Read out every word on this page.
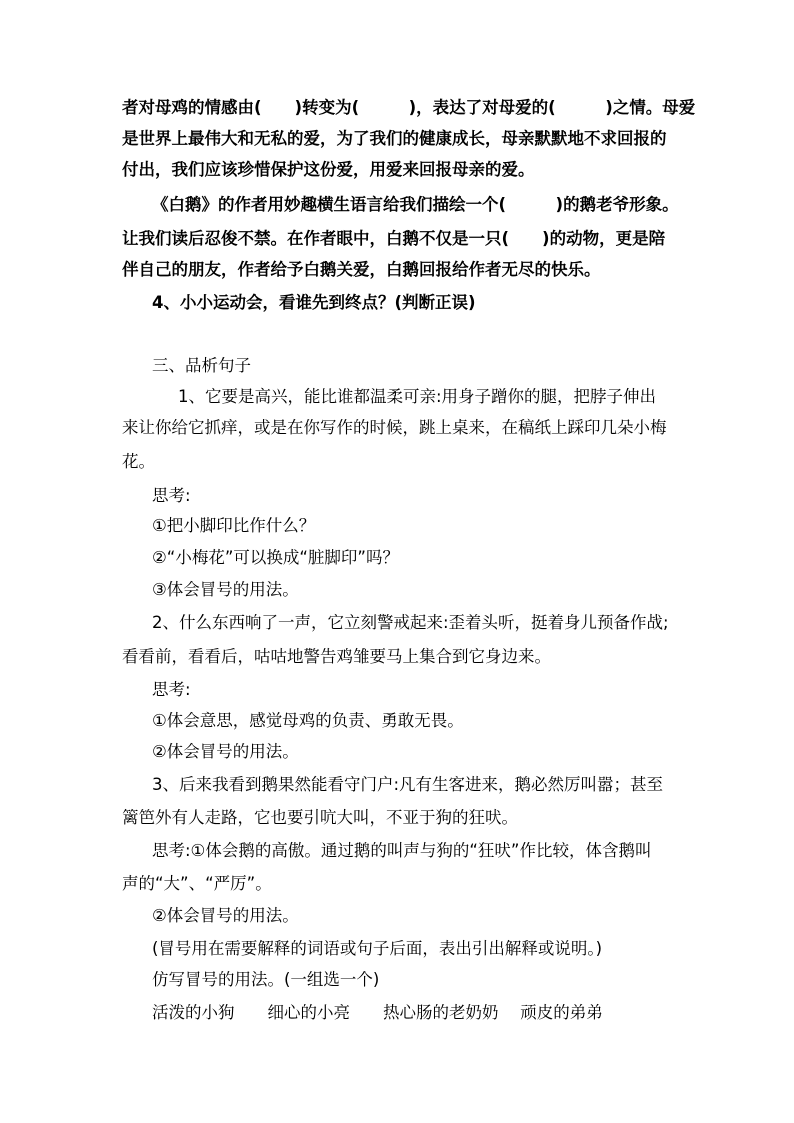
者对母鸡的情感由(　　)转变为(　　　)，表达了对母爱的(　　　)之情。母爱
是世界上最伟大和无私的爱，为了我们的健康成长，母亲默默地不求回报的
付出，我们应该珍惜保护这份爱，用爱来回报母亲的爱。
《白鹅》的作者用妙趣横生语言给我们描绘一个(　　　)的鹅老爷形象。
让我们读后忍俊不禁。在作者眼中，白鹅不仅是一只(　　)的动物，更是陪
伴自己的朋友，作者给予白鹅关爱，白鹅回报给作者无尽的快乐。
4、小小运动会，看谁先到终点？(判断正误)
三、品析句子
1、它要是高兴，能比谁都温柔可亲:用身子蹭你的腿，把脖子伸出
来让你给它抓痒，或是在你写作的时候，跳上桌来，在稿纸上踩印几朵小梅
花。
思考:
①把小脚印比作什么？
②“小梅花”可以换成“脏脚印”吗？
③体会冒号的用法。
2、什么东西响了一声，它立刻警戒起来:歪着头听，挺着身儿预备作战;
看看前，看看后，咕咕地警告鸡雏要马上集合到它身边来。
思考:
①体会意思，感觉母鸡的负责、勇敢无畏。
②体会冒号的用法。
3、后来我看到鹅果然能看守门户:凡有生客进来，鹅必然厉叫嚣；甚至
篱笆外有人走路，它也要引吭大叫，不亚于狗的狂吠。
思考:①体会鹅的高傲。通过鹅的叫声与狗的“狂吠”作比较，体含鹅叫
声的“大”、“严厉”。
②体会冒号的用法。
(冒号用在需要解释的词语或句子后面，表出引出解释或说明。)
仿写冒号的用法。(一组选一个)
活泼的小狗　　细心的小亮　　热心肠的老奶奶　 顽皮的弟弟
